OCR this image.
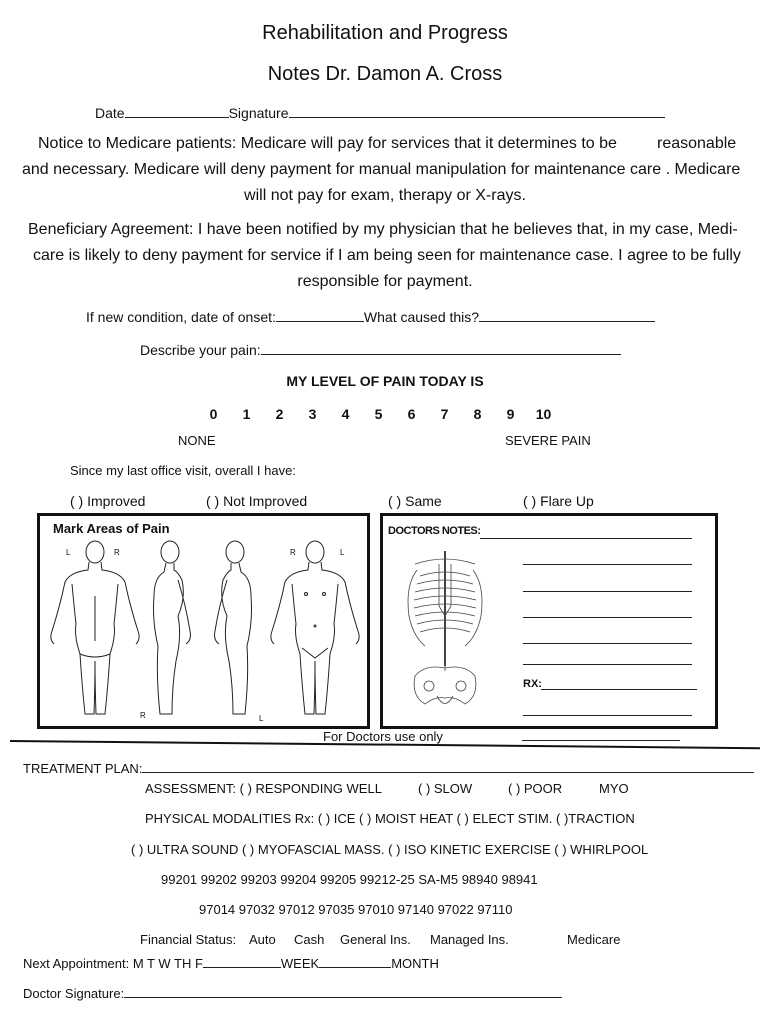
Rehabilitation and Progress
Notes Dr. Damon A. Cross
Date	Signature
Notice to Medicare patients: Medicare will pay for services that it determines to be	reasonable
and necessary. Medicare will deny payment for manual manipulation for maintenance care . Medicare
will not pay for exam, therapy or X-rays.
Beneficiary Agreement: I have been notified by my physician that he believes that, in my case, Medi-
care is likely to deny payment for service if I am being seen for maintenance case. I agree to be fully
responsible for payment.
If new condition, date of onset:	What caused this?
Describe your pain:
MY LEVEL OF PAIN TODAY IS
0 1 2 3 4 5 6 7 8 9 10
NONE	SEVERE PAIN
Since my last office visit, overall I have:
( ) Improved	( ) Not Improved	( ) Same	( ) Flare Up
Mark Areas of Pain
L	R	R	L
R	L
DOCTORS NOTES:
RX:
For Doctors use only
TREATMENT PLAN:
ASSESSMENT: ( ) RESPONDING WELL	( ) SLOW	( ) POOR	MYO
PHYSICAL MODALITIES Rx: ( ) ICE ( ) MOIST HEAT ( ) ELECT STIM. ( )TRACTION
( ) ULTRA SOUND ( ) MYOFASCIAL MASS. ( ) ISO KINETIC EXERCISE ( ) WHIRLPOOL
99201 99202 99203 99204 99205 99212-25 SA-M5 98940 98941
97014 97032 97012 97035 97010 97140 97022 97110
Financial Status: Auto Cash General Ins. Managed Ins.	Medicare
Next Appointment: M T W TH F	WEEK	MONTH
Doctor Signature:
